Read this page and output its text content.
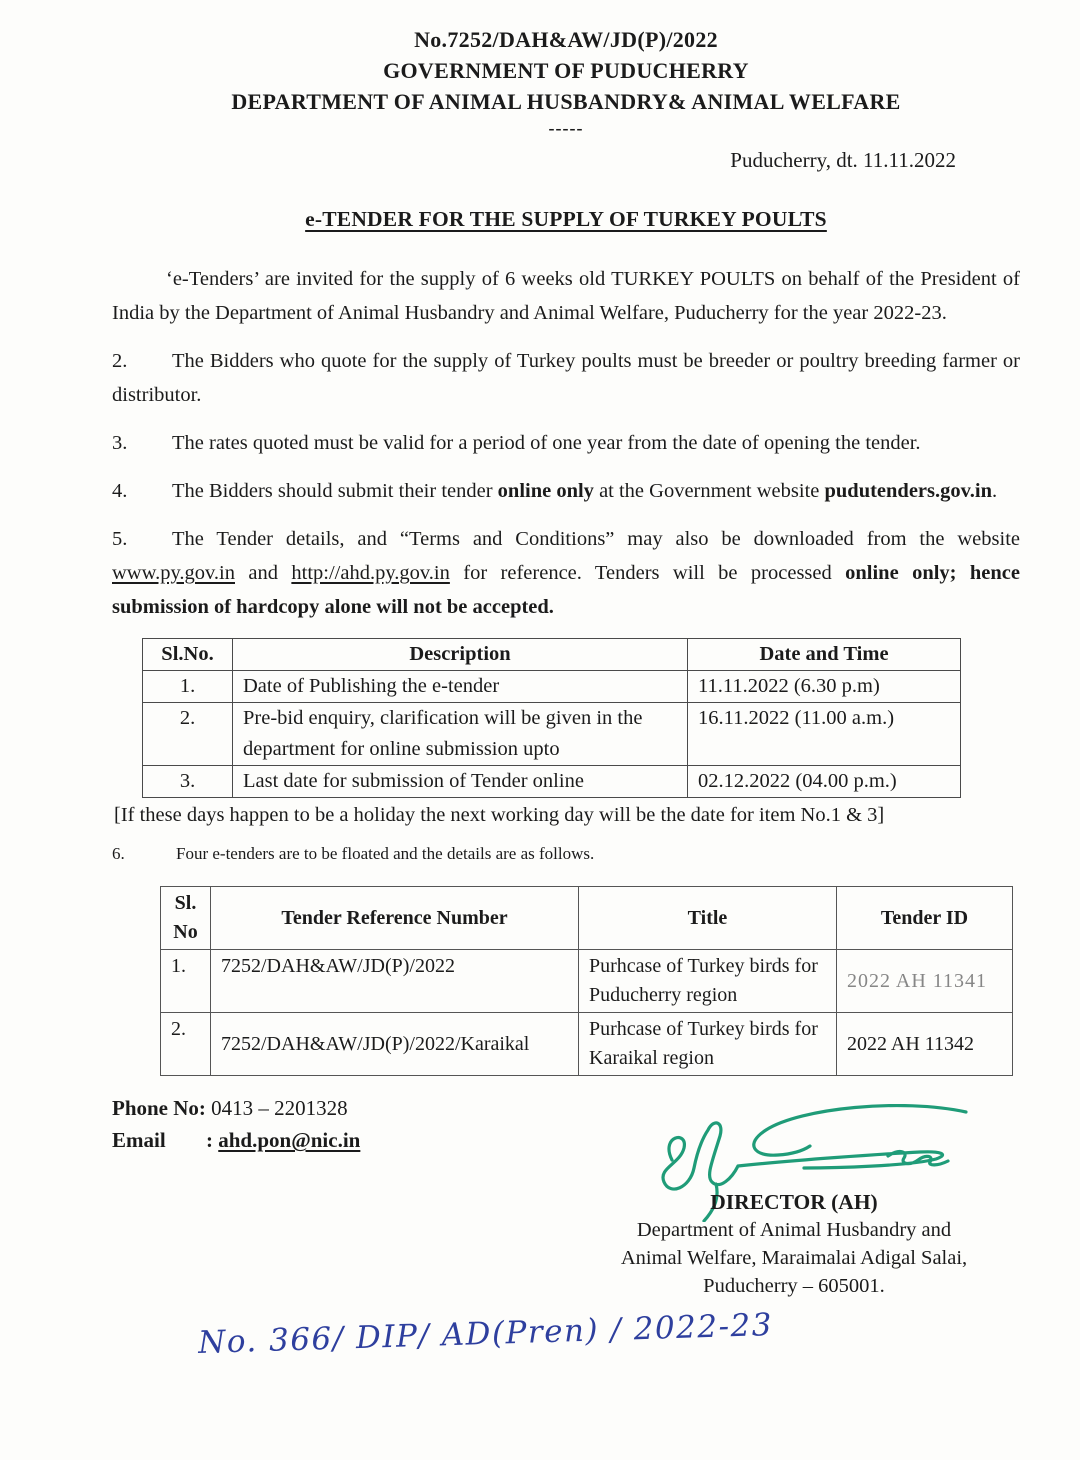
No.7252/DAH&AW/JD(P)/2022
GOVERNMENT OF PUDUCHERRY
DEPARTMENT OF ANIMAL HUSBANDRY& ANIMAL WELFARE
-----
Puducherry, dt. 11.11.2022
e-TENDER FOR THE SUPPLY OF TURKEY POULTS

‘e-Tenders’ are invited for the supply of 6 weeks old TURKEY POULTS on behalf of the President of India by the Department of Animal Husbandry and Animal Welfare, Puducherry for the year 2022-23.

2. The Bidders who quote for the supply of Turkey poults must be breeder or poultry breeding farmer or distributor.

3. The rates quoted must be valid for a period of one year from the date of opening the tender.

4. The Bidders should submit their tender online only at the Government website pudutenders.gov.in.

5. The Tender details, and “Terms and Conditions” may also be downloaded from the website www.py.gov.in and http://ahd.py.gov.in for reference. Tenders will be processed online only; hence submission of hardcopy alone will not be accepted.

Sl.No.	Description	Date and Time
1.	Date of Publishing the e-tender	11.11.2022 (6.30 p.m)
2.	Pre-bid enquiry, clarification will be given in the department for online submission upto	16.11.2022 (11.00 a.m.)
3.	Last date for submission of Tender online	02.12.2022 (04.00 p.m.)
[If these days happen to be a holiday the next working day will be the date for item No.1 & 3]

6.	Four e-tenders are to be floated and the details are as follows.

Sl. No	Tender Reference Number	Title	Tender ID
1.	7252/DAH&AW/JD(P)/2022	Purhcase of Turkey birds for Puducherry region	2022 AH 11341
2.	7252/DAH&AW/JD(P)/2022/Karaikal	Purhcase of Turkey birds for Karaikal region	2022 AH 11342
Phone No: 0413 – 2201328
Email : ahd.pon@nic.in
DIRECTOR (AH)
Department of Animal Husbandry and
Animal Welfare, Maraimalai Adigal Salai,
Puducherry – 605001.
No. 366/ DIP/ AD(Pren) / 2022-23
